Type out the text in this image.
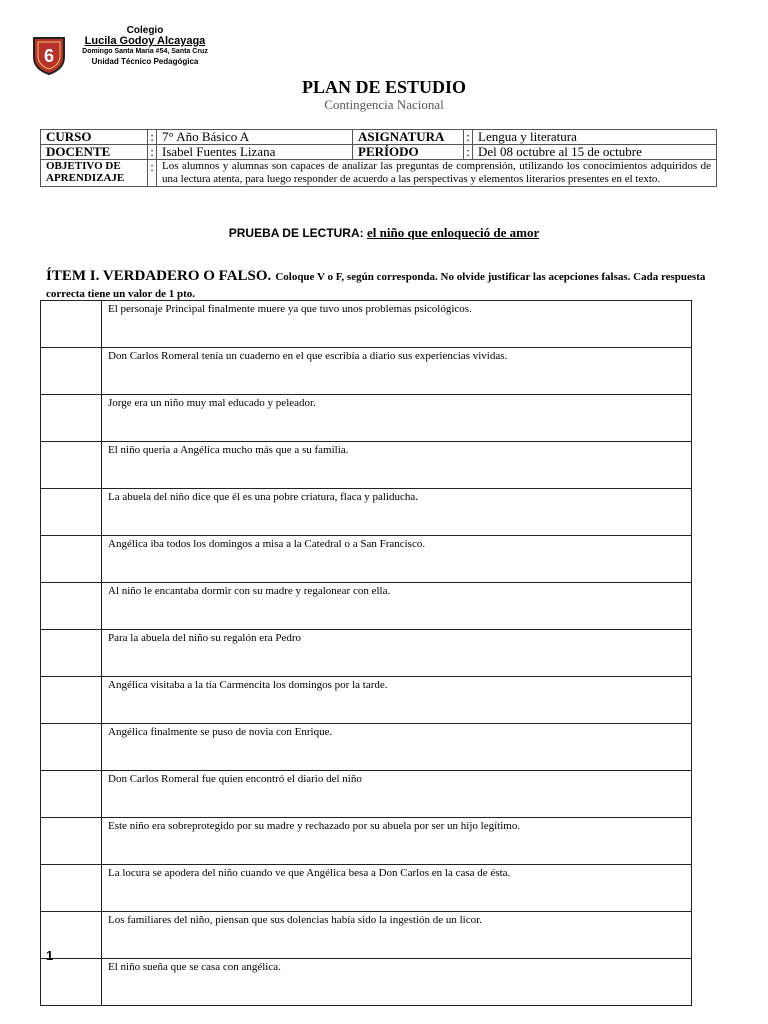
6
Colegio
Lucila Godoy Alcayaga
Domingo Santa María #54, Santa Cruz
Unidad Técnico Pedagógica
PLAN DE ESTUDIO
Contingencia Nacional
CURSO	:	7° Año Básico A	ASIGNATURA	:	Lengua y literatura
DOCENTE	:	Isabel Fuentes Lizana	PERÍODO	:	Del 08 octubre al 15 de octubre
OBJETIVO DE APRENDIZAJE	:	Los alumnos y alumnas son capaces de analizar las preguntas de comprensión, utilizando los conocimientos adquiridos de una lectura atenta, para luego responder de acuerdo a las perspectivas y elementos literarios presentes en el texto.			
PRUEBA DE LECTURA: el niño que enloqueció de amor
ÍTEM I. VERDADERO O FALSO. Coloque V o F, según corresponda. No olvide justificar las acepciones falsas. Cada respuesta correcta tiene un valor de 1 pto.
	El personaje Principal finalmente muere ya que tuvo unos problemas psicológicos.
	Don Carlos Romeral tenía un cuaderno en el que escribía a diario sus experiencias vividas.
	Jorge era un niño muy mal educado y peleador.
	El niño quería a Angélica mucho más que a su familia.
	La abuela del niño dice que él es una pobre criatura, flaca y paliducha.
	Angélica iba todos los domingos a misa a la Catedral o a San Francisco.
	Al niño le encantaba dormir con su madre y regalonear con ella.
	Para la abuela del niño su regalón era Pedro
	Angélica visitaba a la tía Carmencita los domingos por la tarde.
	Angélica finalmente se puso de novia con Enrique.
	Don Carlos Romeral fue quien encontró el diario del niño
	Este niño era sobreprotegido por su madre y rechazado por su abuela por ser un hijo legítimo.
	La locura se apodera del niño cuando ve que Angélica besa a Don Carlos en la casa de ésta.
	Los familiares del niño, piensan que sus dolencias había sido la ingestión de un licor.
	El niño sueña que se casa con angélica.
1
